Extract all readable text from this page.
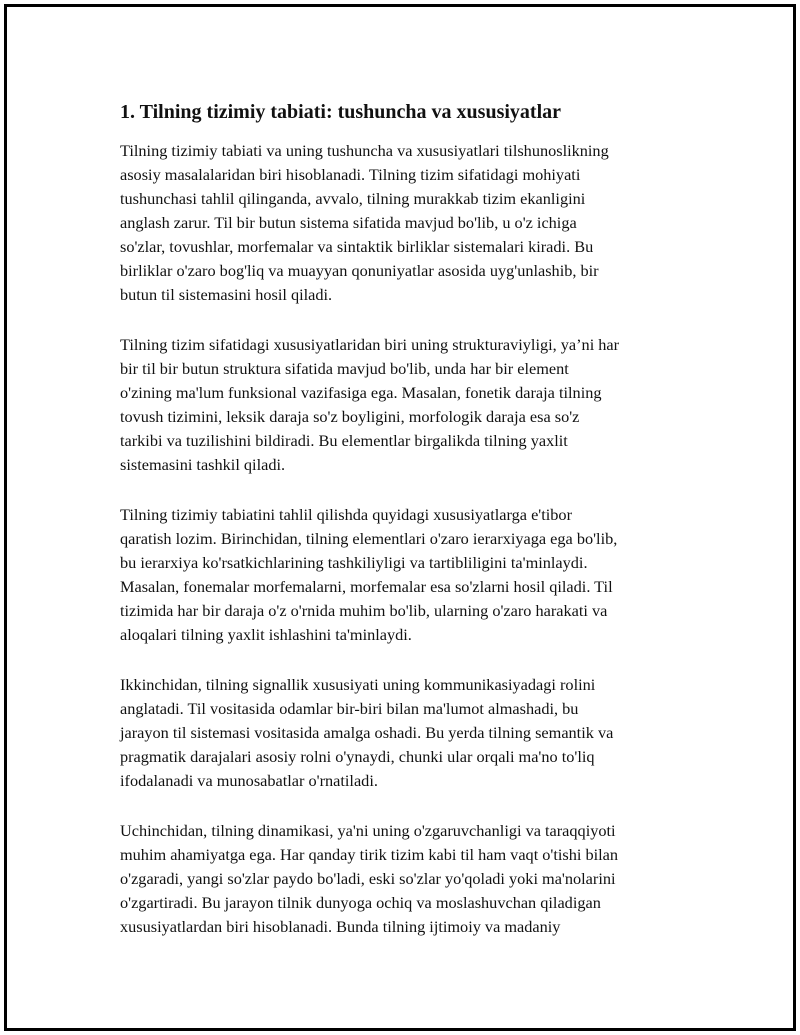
1. Tilning tizimiy tabiati: tushuncha va xususiyatlar
Tilning tizimiy tabiati va uning tushuncha va xususiyatlari tilshunoslikning
asosiy masalalaridan biri hisoblanadi. Tilning tizim sifatidagi mohiyati
tushunchasi tahlil qilinganda, avvalo, tilning murakkab tizim ekanligini
anglash zarur. Til bir butun sistema sifatida mavjud bo'lib, u o'z ichiga
so'zlar, tovushlar, morfemalar va sintaktik birliklar sistemalari kiradi. Bu
birliklar o'zaro bog'liq va muayyan qonuniyatlar asosida uyg'unlashib, bir
butun til sistemasini hosil qiladi.
Tilning tizim sifatidagi xususiyatlaridan biri uning strukturaviyligi, ya’ni har
bir til bir butun struktura sifatida mavjud bo'lib, unda har bir element
o'zining ma'lum funksional vazifasiga ega. Masalan, fonetik daraja tilning
tovush tizimini, leksik daraja so'z boyligini, morfologik daraja esa so'z
tarkibi va tuzilishini bildiradi. Bu elementlar birgalikda tilning yaxlit
sistemasini tashkil qiladi.
Tilning tizimiy tabiatini tahlil qilishda quyidagi xususiyatlarga e'tibor
qaratish lozim. Birinchidan, tilning elementlari o'zaro ierarxiyaga ega bo'lib,
bu ierarxiya ko'rsatkichlarining tashkiliyligi va tartibliligini ta'minlaydi.
Masalan, fonemalar morfemalarni, morfemalar esa so'zlarni hosil qiladi. Til
tizimida har bir daraja o'z o'rnida muhim bo'lib, ularning o'zaro harakati va
aloqalari tilning yaxlit ishlashini ta'minlaydi.
Ikkinchidan, tilning signallik xususiyati uning kommunikasiyadagi rolini
anglatadi. Til vositasida odamlar bir-biri bilan ma'lumot almashadi, bu
jarayon til sistemasi vositasida amalga oshadi. Bu yerda tilning semantik va
pragmatik darajalari asosiy rolni o'ynaydi, chunki ular orqali ma'no to'liq
ifodalanadi va munosabatlar o'rnatiladi.
Uchinchidan, tilning dinamikasi, ya'ni uning o'zgaruvchanligi va taraqqiyoti
muhim ahamiyatga ega. Har qanday tirik tizim kabi til ham vaqt o'tishi bilan
o'zgaradi, yangi so'zlar paydo bo'ladi, eski so'zlar yo'qoladi yoki ma'nolarini
o'zgartiradi. Bu jarayon tilnik dunyoga ochiq va moslashuvchan qiladigan
xususiyatlardan biri hisoblanadi. Bunda tilning ijtimoiy va madaniy
